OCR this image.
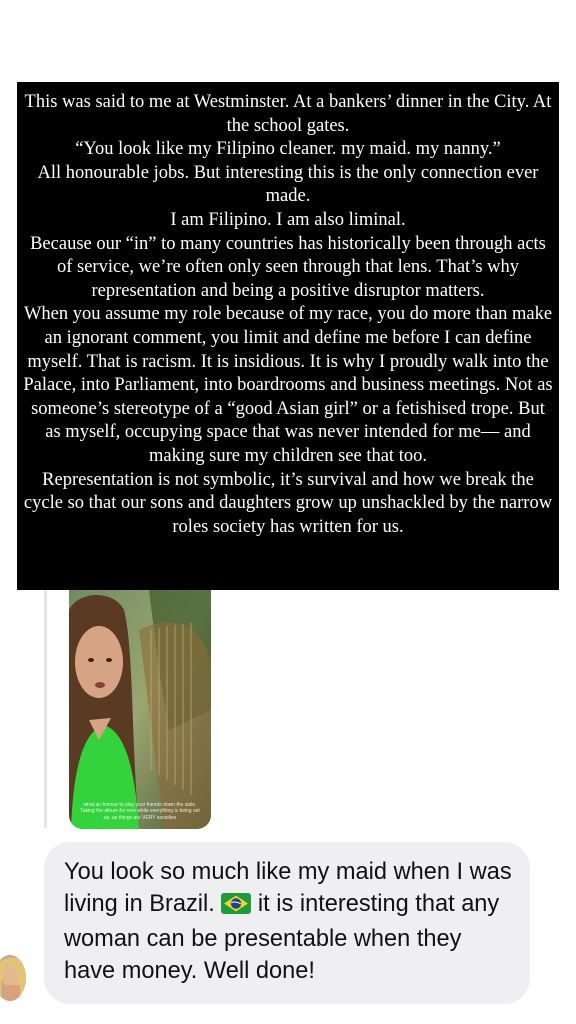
This was said to me at Westminster. At a bankers’ dinner in the City. At the school gates.

“You look like my Filipino cleaner. my maid. my nanny.”

All honourable jobs. But interesting this is the only connection ever made.

I am Filipino. I am also liminal.

Because our “in” to many countries has historically been through acts of service, we’re often only seen through that lens. That’s why representation and being a positive disruptor matters.

When you assume my role because of my race, you do more than make an ignorant comment, you limit and define me before I can define myself. That is racism. It is insidious. It is why I proudly walk into the Palace, into Parliament, into boardrooms and business meetings. Not as someone’s stereotype of a “good Asian girl” or a fetishised trope. But as myself, occupying space that was never intended for me— and making sure my children see that too.

Representation is not symbolic, it’s survival and how we break the cycle so that our sons and daughters grow up unshackled by the narrow roles society has written for us.

what an honour to play your friends down the aisle. Taking the album for now while everything is being set up, as things are VERY sensitive
You look so much like my maid when I was living in Brazil. it is interesting that any woman can be presentable when they have money. Well done!
